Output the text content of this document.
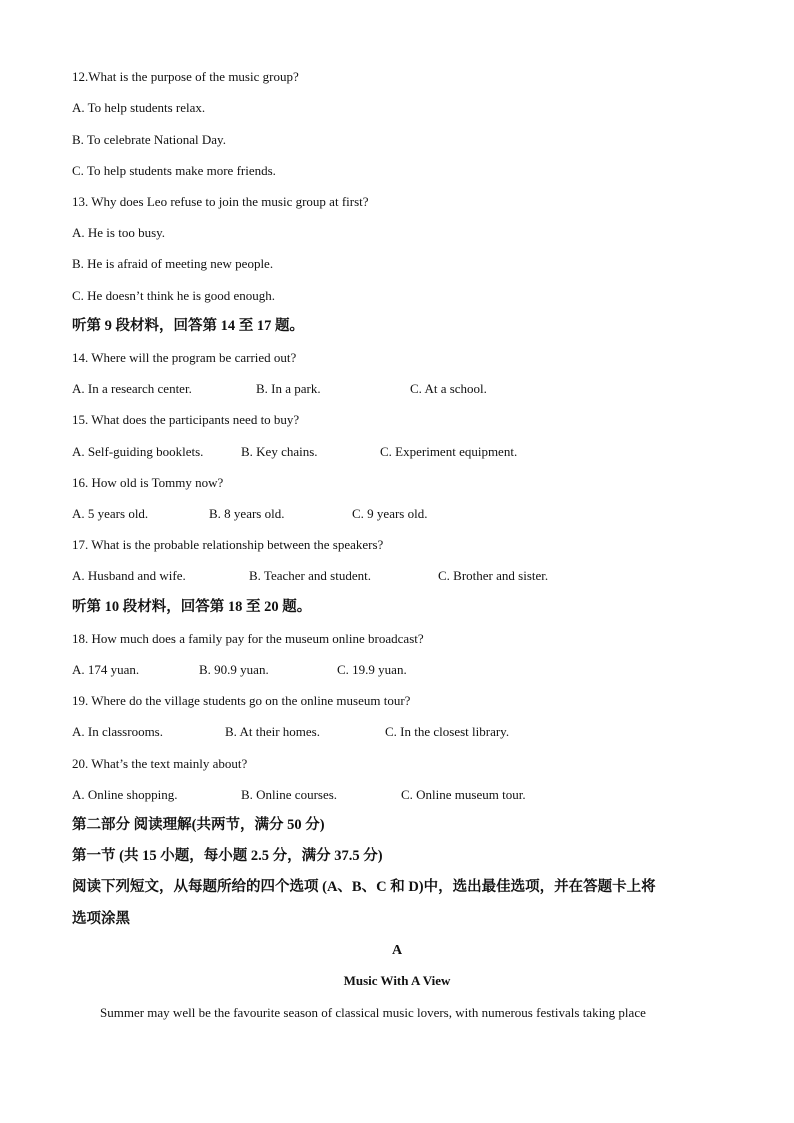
12.What is the purpose of the music group?
A. To help students relax.
B. To celebrate National Day.
C. To help students make more friends.
13. Why does Leo refuse to join the music group at first?
A. He is too busy.
B. He is afraid of meeting new people.
C. He doesn’t think he is good enough.
听第 9 段材料，回答第 14 至 17 题。
14. Where will the program be carried out?
A. In a research center.	B. In a park.	C. At a school.
15. What does the participants need to buy?
A. Self-guiding booklets.	B. Key chains.	C. Experiment equipment.
16. How old is Tommy now?
A. 5 years old.	B. 8 years old.	C. 9 years old.
17. What is the probable relationship between the speakers?
A. Husband and wife.	B. Teacher and student.	C. Brother and sister.
听第 10 段材料，回答第 18 至 20 题。
18. How much does a family pay for the museum online broadcast?
A. 174 yuan.	B. 90.9 yuan.	C. 19.9 yuan.
19. Where do the village students go on the online museum tour?
A. In classrooms.	B. At their homes.	C. In the closest library.
20. What’s the text mainly about?
A. Online shopping.	B. Online courses.	C. Online museum tour.
第二部分 阅读理解(共两节，满分 50 分)
第一节 (共 15 小题，每小题 2.5 分，满分 37.5 分)
阅读下列短文，从每题所给的四个选项 (A、B、C 和 D)中，选出最佳选项，并在答题卡上将
选项涂黑
A
Music With A View
Summer may well be the favourite season of classical music lovers, with numerous festivals taking place
